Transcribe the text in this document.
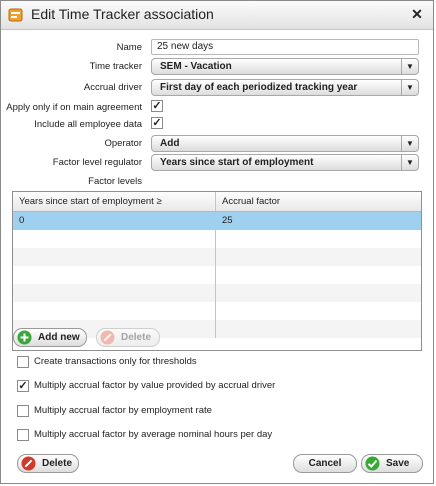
Edit Time Tracker association	✕
Name	25 new days
Time tracker	SEM - Vacation	▼
Accrual driver	First day of each periodized tracking year	▼
Apply only if on main agreement ✓
Include all employee data ✓
Operator	Add	▼
Factor level regulator	Years since start of employment	▼
Factor levels
Years since start of employment ≥	Accrual factor
0	25
Add new	Delete
Create transactions only for thresholds
✓ Multiply accrual factor by value provided by accrual driver
Multiply accrual factor by employment rate
Multiply accrual factor by average nominal hours per day
Delete	Cancel	Save
